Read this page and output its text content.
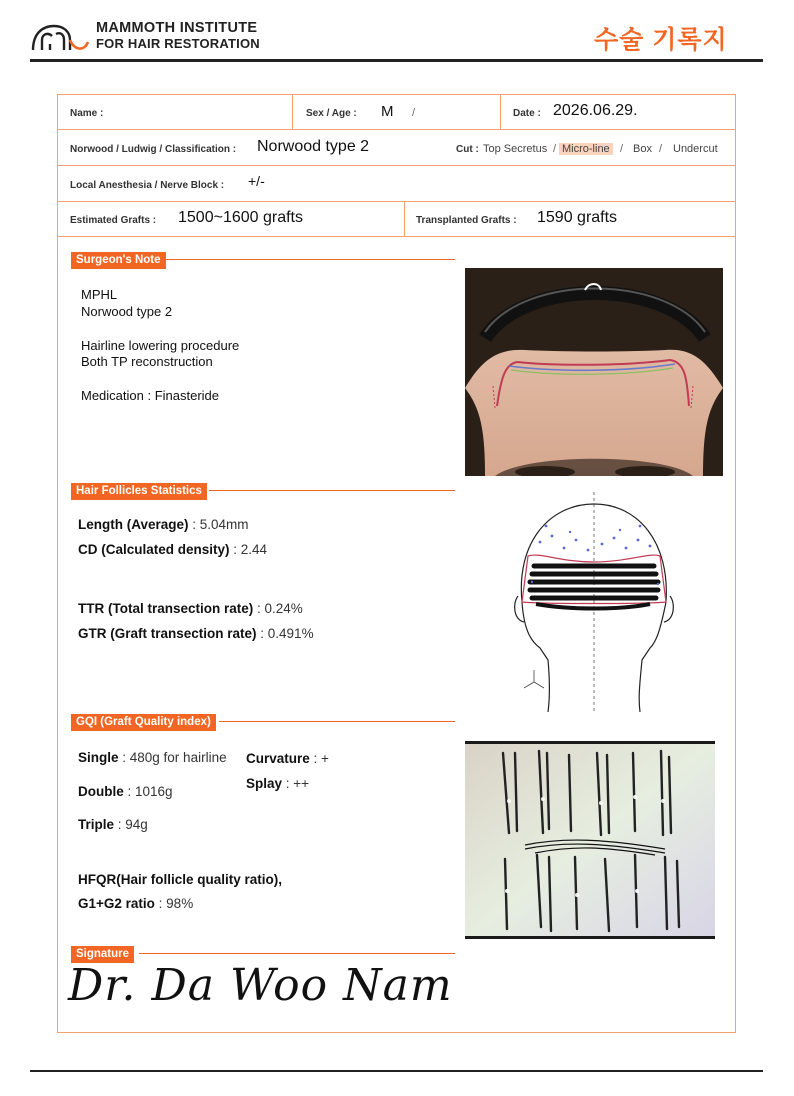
MAMMOTH INSTITUTE
FOR HAIR RESTORATION	수술 기록지
Name :	Sex / Age : M /	Date : 2026.06.29.
Norwood / Ludwig / Classification : Norwood type 2	Cut : Top Secretus / Micro-line / Box / Undercut
Local Anesthesia / Nerve Block : +/-
Estimated Grafts : 1500~1600 grafts	Transplanted Grafts : 1590 grafts
Surgeon's Note
MPHL
Norwood type 2
Hairline lowering procedure
Both TP reconstruction
Medication : Finasteride
Hair Follicles Statistics
Length (Average) : 5.04mm
CD (Calculated density) : 2.44
TTR (Total transection rate) : 0.24%
GTR (Graft transection rate) : 0.491%
GQI (Graft Quality index)
Single : 480g for hairline Curvature : +
Splay : ++
Double : 1016g
Triple : 94g
HFQR(Hair follicle quality ratio),
G1+G2 ratio : 98%
Signature
Dr. Da Woo Nam
